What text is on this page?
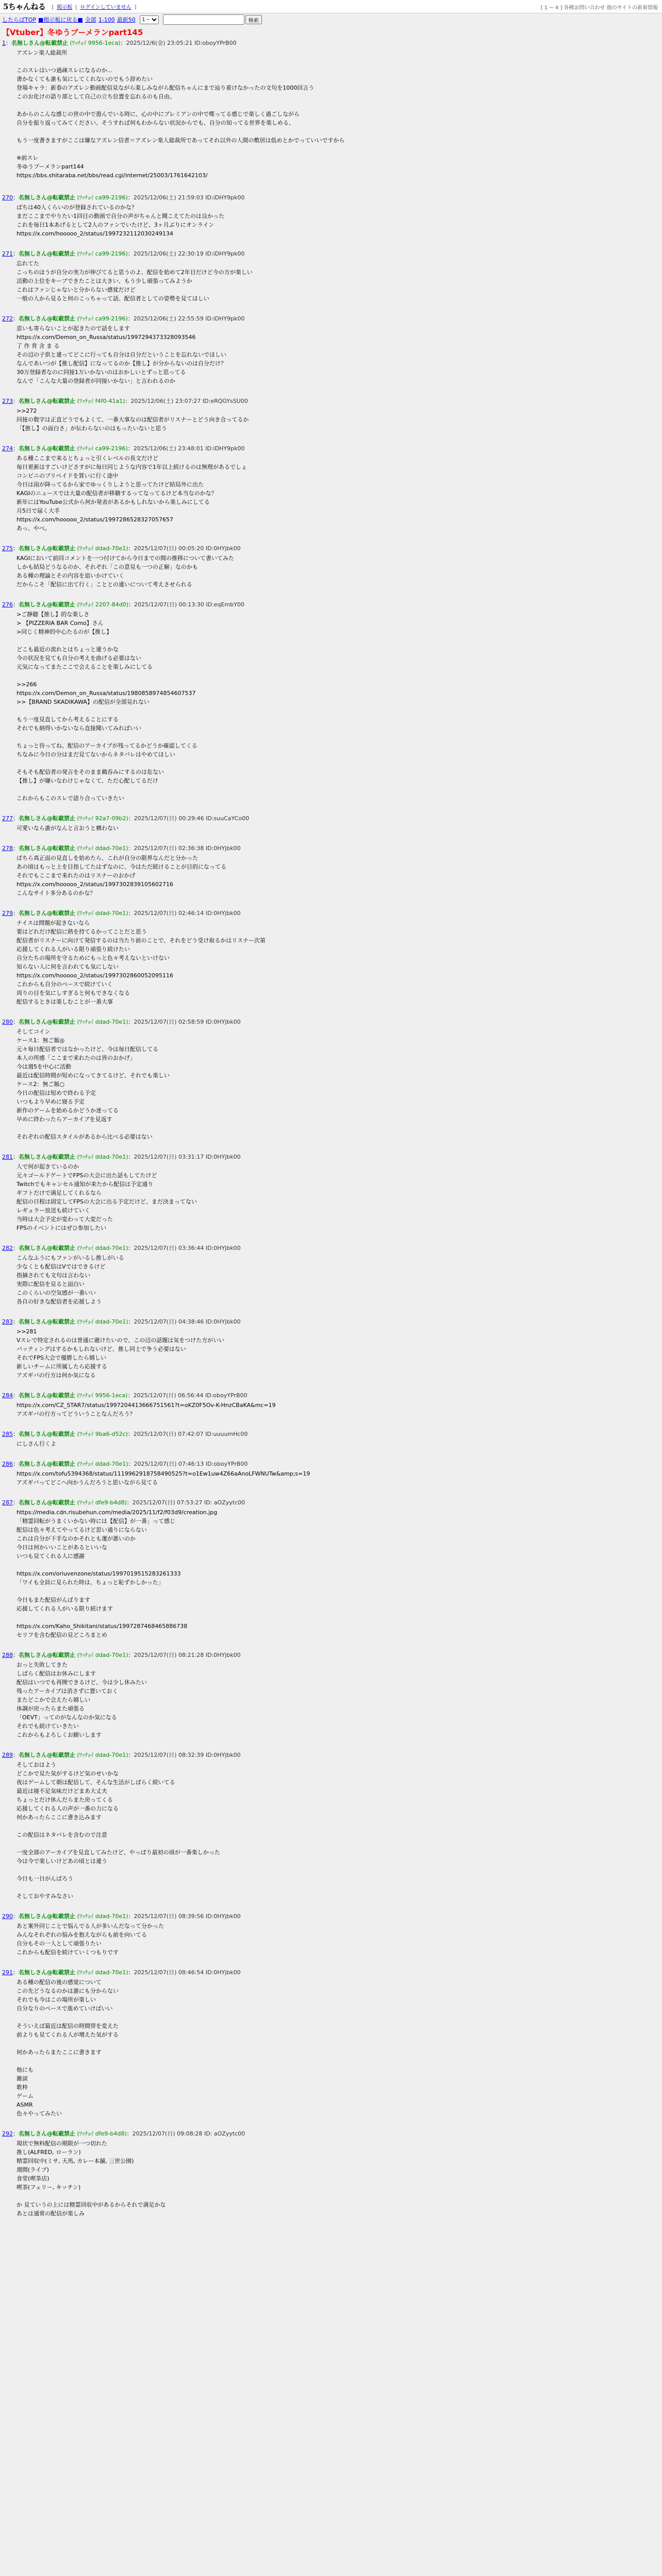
5ちゃんねる [ 掲示板 | ログインしていません ]	[ 1 ~ 4 ] 各種お問い合わせ 他のサイトの新着情報
したらばTOP ■掲示板に戻る■ 全部 1-100 最新50
1 ~	検索
【Vtuber】冬ゆうブーメランpart145
1：名無しさん@転載禁止 (ﾜｯﾁｮｲ 9956-1eca)：2025/12/6(金) 23:05:21 ID:oboyYPrB00
アズレン楽人総裁所

このスレはいつ過疎スレになるのか...
書かなくても誰も気にしてくれないのでもう辞めたい
登場キャラ：新春のアズレン動画配信見ながら楽しみながら配信ちゃんにまで辿り着けなかったの文句を1000回言う
このお化けの語り部として自己の立ち位置を忘れるのも自由。

あからのこんな感じの世の中で遊んでいる時に、心の中にプレミアンの中で喋ってる感じで楽しく過ごしながら
自分を振り返ってみてください。そうすれば何もわからない状況からでも、自分の知ってる世界を楽しめる、

もう一度書きますがここは嫌なアズレン信者＝アズレン楽人総裁所であってそれ以外の人間の敷居は低めとかでっていいですから

※前スレ
冬ゆうブーメランpart144
https://bbs.shitaraba.net/bbs/read.cgi/internet/25003/1761642103/
270：名無しさん@転載禁止 (ﾜｯﾁｮｲ ca99-2196)：2025/12/06(土) 21:59:03 ID:iDHY9pk00
ぱちは40人くらいのが登録されているのかな？
まだここまでやりたい1回目の動画で自分の声がちゃんと聞こえてたのは良かった
これを毎日1本あげるとして2人のファンでいたけど、3ヶ月ぶりにオンライン
https://x.com/hooooo_2/status/1997232112030249134
271：名無しさん@転載禁止 (ﾜｯﾁｮｲ ca99-2196)：2025/12/06(土) 22:30:19 ID:iDHY9pk00
忘れてた
こっちのほうが自分の実力が伸びてると思うのよ、配信を始めて2年目だけど今の方が楽しい
活動の上位をキープできたことは大きい、もう少し頑張ってみようか
これはファンじゃないと分からない感覚だけど
一般の人から見ると何のこっちゃって話。配信者としての姿勢を見てほしい
272：名無しさん@転載禁止 (ﾜｯﾁｮｲ ca99-2196)：2025/12/06(土) 22:55:59 ID:iDHY9pk00
思いも寄らないことが起きたので話をします
https://x.com/Demon_on_Russa/status/1997294373328093546
了 作 背 含 ま る
その辺の子供と違ってどこに行っても自分は自分だということを忘れないでほしい
なんであいつが【推し配信】になってるのか【推し】が分からないのは自分だけ？
30万登録者なのに同接1万いかないのはおかしいとずっと思ってる
なんで「こんな大量の登録者が同接いかない」と言われるのか
273：名無しさん@転載禁止 (ﾜｯﾁｮｲ f4f0-41a1)：2025/12/06(土) 23:07:27 ID:eRQGYsSU00
>>272
同接の数字は正直どうでもよくて、一番大事なのは配信者がリスナーとどう向き合ってるか
「【推し】の面白さ」が伝わらないのはもったいないと思う
274：名無しさん@転載禁止 (ﾜｯﾁｮｲ ca99-2196)：2025/12/06(土) 23:48:01 ID:iDHY9pk00
ある種ここまで来るとちょっと引くレベルの長文だけど
毎日更新はすごいけどさすがに毎日同じような内容で1年以上続けるのは無理があるでしょ
コンビニのプリペイドを買いに行く途中
今日は雨が降ってるから家でゆっくりしようと思ってたけど結局外に出た
KAGIのニュースでは大量の配信者が移籍するってなってるけど本当なのかな？
新年にはYouTube公式から何か発表があるかもしれないから楽しみにしてる
月5日で届く大手
https://x.com/hooooo_2/status/1997286528327057657
あっ、やべ。
275：名無しさん@転載禁止 (ﾜｯﾁｮｲ ddad-70e1)：2025/12/07(日) 00:05:20 ID:0HYjbk00
KAGIにおいて前回コメントを一つ付けてから今日までの間の推移について書いてみた
しかも結局どうなるのか、それぞれ「この意見も一つの正解」なのかも
ある種の理論とその内容を追いかけていく
だからこそ「配信に出て行く」こととの違いについて考えさせられる
276：名無しさん@転載禁止 (ﾜｯﾁｮｲ 2207-84d0)：2025/12/07(日) 00:13:30 ID:eqEmbY00
>ご静聴【推し】的な楽しさ
> 【PIZZERIA BAR Como】さん
>同じく精神的中心たるのが【推し】

どこも最近の流れとはちょっと違うかな
今の状況を見ても自分の考えを曲げる必要はない
元気になってまたここで会えることを楽しみにしてる

>>266
https://x.com/Demon_on_Russa/status/1980858974854607537
>>【BRAND SKADIKAWA】の配信が全部見れない

もう一度見直してから考えることにする
それでも納得いかないなら直接聞いてみればいい

ちょっと待ってね、配信のアーカイブが残ってるかどうか確認してくる
ちなみに今日の分はまだ見てないからネタバレはやめてほしい

そもそも配信者の発言をそのまま鵜呑みにするのは危ない
【推し】が嫌いなわけじゃなくて、ただ心配してるだけ

これからもこのスレで語り合っていきたい
277：名無しさん@転載禁止 (ﾜｯﾁｮｲ 92a7-09b2)：2025/12/07(日) 00:29:46 ID:suuCaYCo00
可愛いなら誰がなんと言おうと構わない
278：名無しさん@転載禁止 (ﾜｯﾁｮｲ ddad-70e1)：2025/12/07(日) 02:36:38 ID:0HYjbk00
ぱちら真正面の見直しを始めたら、これが自分の限界なんだと分かった
あの頃はもっと上を目指してたはずなのに、今はただ続けることが目的になってる
それでもここまで来れたのはリスナーのおかげ
https://x.com/hooooo_2/status/1997302839105602716
こんなサイト多分あるのかな？
279：名無しさん@転載禁止 (ﾜｯﾁｮｲ ddad-70e1)：2025/12/07(日) 02:46:14 ID:0HYjbk00
ナイスは問題が起きないなら
要はどれだけ配信に熱を持てるかってことだと思う
配信者がリスナーに向けて発信するのは当たり前のことで、それをどう受け取るかはリスナー次第
応援してくれる人がいる限り頑張り続けたい
自分たちの場所を守るためにもっと色々考えないといけない
知らない人に何を言われても気にしない
https://x.com/hooooo_2/status/1997302860052095116
これからも自分のペースで続けていく
周りの目を気にしすぎると何もできなくなる
配信するときは楽しむことが一番大事
280：名無しさん@転載禁止 (ﾜｯﾁｮｲ ddad-70e1)：2025/12/07(日) 02:58:59 ID:0HYjbk00
そしてコイン
ケース1：無ご飯◎
元々毎日配信者ではなかったけど、今は毎日配信してる
本人の所感「ここまで来れたのは皆のおかげ」
今は週5を中心に活動
最近は配信時間が短めになってきてるけど、それでも楽しい
ケース2：無ご飯○
今日の配信は短めで終わる予定
いつもより早めに寝る予定
新作のゲームを始めるかどうか迷ってる
早めに終わったらアーカイブを見返す

それぞれの配信スタイルがあるから比べる必要はない
281：名無しさん@転載禁止 (ﾜｯﾁｮｲ ddad-70e1)：2025/12/07(日) 03:31:17 ID:0HYjbk00
人で何が起きているのか
元々ゴールドゲートでFPSの大会に出た話もしてたけど
Twitchでもキャンセル通知が来たから配信は予定通り
ギフトだけで満足してくれるなら
配信の日程は固定してFPSの大会に出る予定だけど、まだ決まってない
レギュラー放送も続けていく
当時は大会予定が変わって大変だった
FPSのイベントにはぜひ参加したい
282：名無しさん@転載禁止 (ﾜｯﾁｮｲ ddad-70e1)：2025/12/07(日) 03:36:44 ID:0HYjbk00
こんなふうにもファンがいるし推しがいる
少なくとも配信はVではできるけど
指摘されても文句は言わない
実際に配信を見ると面白い
このくらいの空気感が一番いい
各自の好きな配信者を応援しよう
283：名無しさん@転載禁止 (ﾜｯﾁｮｲ ddad-70e1)：2025/12/07(日) 04:38:46 ID:0HYjbk00
>>281
Vスレで特定されるのは普通に避けたいので、この辺の話題は気をつけた方がいい
バッティングはするかもしれないけど、推し同士で争う必要はない
それでFPS大会で優勝したら嬉しい
新しいチームに所属したら応援する
アズギバの行方は何か気になる
284：名無しさん@転載禁止 (ﾜｯﾁｮｲ 9956-1eca)：2025/12/07(日) 06:56:44 ID:oboyYPrB00
https://x.com/CZ_STAR7/status/1997204413666751561?t=oKZ0F5Ov-K-HnzCBaKA&mc=19
アズギバの行方ってどういうことなんだろう？
285：名無しさん@転載禁止 (ﾜｯﾁｮｲ 9ba6-d52c)：2025/12/07(日) 07:42:07 ID:uuuumHc00
にしさん行くよ
286：名無しさん@転載禁止 (ﾜｯﾁｮｲ ddad-70e1)：2025/12/07(日) 07:46:13 ID:oboyYPrB00
https://x.com/tofu5394368/status/1119962918758490525?t=o1Ew1uw4Z66aAnoLFWNUTw&amp;s=19
アズギバってどこへ向かうんだろうと思いながら見てる
287：名無しさん@転載禁止 (ﾜｯﾁｮｲ dfe9-b4d8)：2025/12/07(日) 07:53:27 ID: aOZyytc00
https://media.cdn.risubehun.com/media/2025/11/f2/f03d9/creation.jpg
「精霊回転がうまくいかない時には【配信】が一番」って感じ
配信は色々考えてやってるけど思い通りにならない
これは自分が下手なのかそれとも運が悪いのか
今日は何かいいことがあるといいな
いつも見てくれる人に感謝

https://x.com/oriuvenzone/status/1997019515283261333
「ワイも全員に見られた時は、ちょっと恥ずかしかった」

今日もまた配信がんばります
応援してくれる人がいる限り続けます

https://x.com/Kaho_Shikitani/status/1997287468465886738
セリフを含む配信の見どころまとめ
288：名無しさん@転載禁止 (ﾜｯﾁｮｲ ddad-70e1)：2025/12/07(日) 08:21:28 ID:0HYjbk00
おっと失敗してきた
しばらく配信はお休みにします
配信はいつでも再開できるけど、今は少し休みたい
残ったアーカイブは消さずに置いておく
またどこかで会えたら嬉しい
体調が戻ったらまた頑張る
「OEVT」ってのがなんなのか気になる
それでも続けていきたい
これからもよろしくお願いします
289：名無しさん@転載禁止 (ﾜｯﾁｮｲ ddad-70e1)：2025/12/07(日) 08:32:39 ID:0HYjbk00
そしておはよう
どこかで見た気がするけど気のせいかな
夜はゲームして朝は配信して、そんな生活がしばらく続いてる
最近は寝不足気味だけどまあ大丈夫
ちょっとだけ休んだらまた戻ってくる
応援してくれる人の声が一番の力になる
何かあったらここに書き込みます

この配信はネタバレを含むので注意

一度全部のアーカイブを見直してみたけど、やっぱり最初の頃が一番楽しかった
今は今で楽しいけどあの頃とは違う

今日も一日がんばろう

そしておやすみなさい
290：名無しさん@転載禁止 (ﾜｯﾁｮｲ ddad-70e1)：2025/12/07(日) 08:39:56 ID:0HYjbk00
あと案外同じことで悩んでる人が多いんだなって分かった
みんなそれぞれの悩みを抱えながらも前を向いてる
自分もその一人として頑張りたい
これからも配信を続けていくつもりです
291：名無しさん@転載禁止 (ﾜｯﾁｮｲ ddad-70e1)：2025/12/07(日) 08:46:54 ID:0HYjbk00
ある種の配信の後の感覚について
この先どうなるのかは誰にも分からない
それでも今はこの場所が楽しい
自分なりのペースで進めていけばいい

そういえば最近は配信の時間帯を変えた
前よりも見てくれる人が増えた気がする

何かあったらまたここに書きます

他にも
雑談
歌枠
ゲーム
ASMR
色々やってみたい
292：名無しさん@転載禁止 (ﾜｯﾁｮｲ dfe9-b4d8)：2025/12/07(日) 09:08:28 ID: aOZyytc00
現状で無料配信の期限が一つ切れた
推し(ALFRED, ローラン)
精霊回収中(ミサ, 天馬, カレー本舗, 三世公園)
週間(ライブ)
食堂(喫茶店)
喫茶(フェリー, キッチン)

か 見ていうの上には精霊回収中があるからそれで満足かな
あとは通常の配信が楽しみ
